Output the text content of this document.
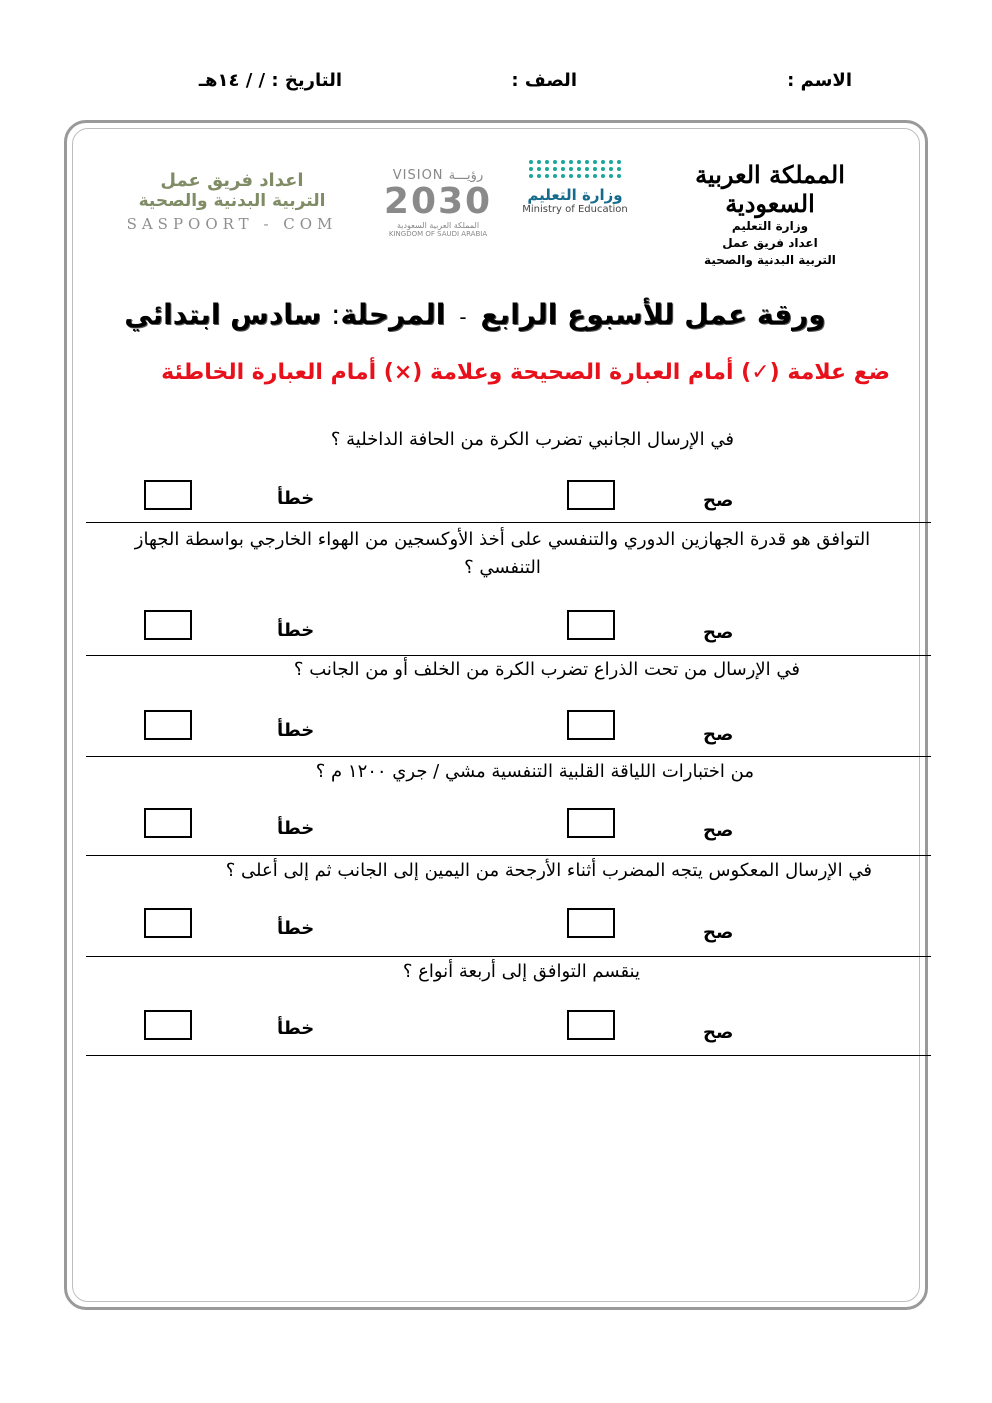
الاسم :
الصف :
التاريخ : / / ١٤هـ
المملكة العربية السعودية
وزارة التعليم
اعداد فريق عمل
التربية البدنية والصحية
وزارة التعليم
Ministry of Education
VISION رؤيـــة
2030
المملكة العربية السعودية
KINGDOM OF SAUDI ARABIA
اعداد فريق عمل
التربية البدنية والصحية
SASPOORT - COM
ورقة عمل للأسبوع الرابع-المرحلة: سادس ابتدائي
ضع علامة (✓) أمام العبارة الصحيحة وعلامة (×) أمام العبارة الخاطئة
في الإرسال الجانبي تضرب الكرة من الحافة الداخلية ؟
صح
خطأ
التوافق هو قدرة الجهازين الدوري والتنفسي على أخذ الأوكسجين من الهواء الخارجي بواسطة الجهاز التنفسي ؟
صح
خطأ
في الإرسال من تحت الذراع تضرب الكرة من الخلف أو من الجانب ؟
صح
خطأ
من اختبارات اللياقة القلبية التنفسية مشي / جري ١٢٠٠ م ؟
صح
خطأ
في الإرسال المعكوس يتجه المضرب أثناء الأرجحة من اليمين إلى الجانب ثم إلى أعلى ؟
صح
خطأ
ينقسم التوافق إلى أربعة أنواع ؟
صح
خطأ
